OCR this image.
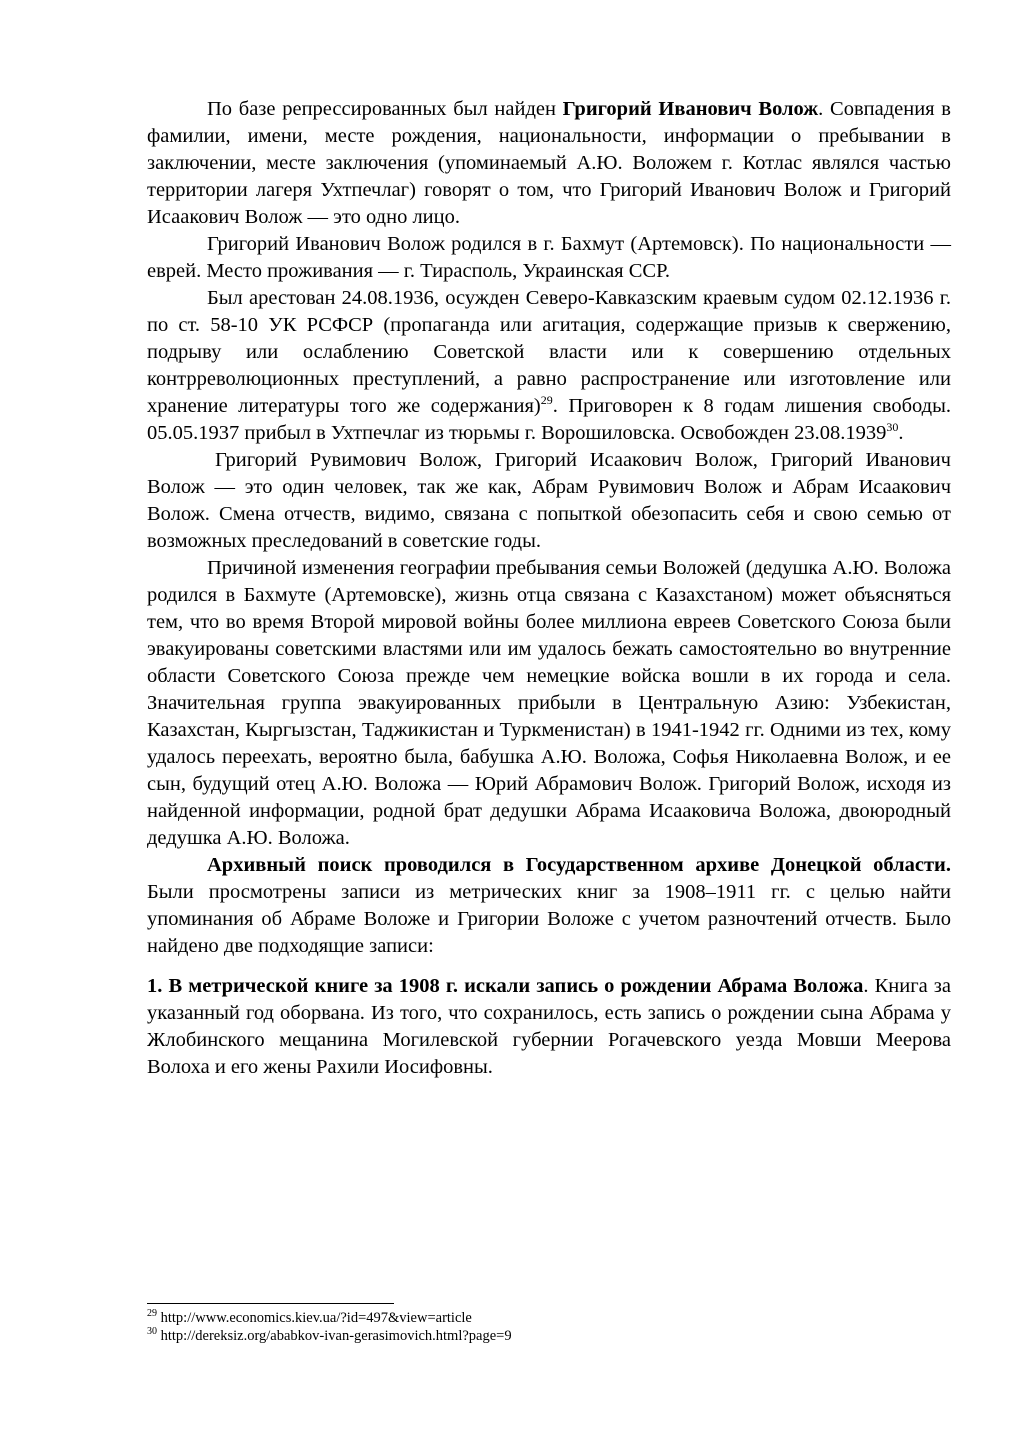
По базе репрессированных был найден Григорий Иванович Волож. Совпадения в фамилии, имени, месте рождения, национальности, информации о пребывании в заключении, месте заключения (упоминаемый А.Ю. Воложем г. Котлас являлся частью территории лагеря Ухтпечлаг) говорят о том, что Григорий Иванович Волож и Григорий Исаакович Волож — это одно лицо.

Григорий Иванович Волож родился в г. Бахмут (Артемовск). По национальности — еврей. Место проживания — г. Тирасполь, Украинская ССР.

Был арестован 24.08.1936, осужден Северо-Кавказским краевым судом 02.12.1936 г. по ст. 58-10 УК РСФСР (пропаганда или агитация, содержащие призыв к свержению, подрыву или ослаблению Советской власти или к совершению отдельных контрреволюционных преступлений, а равно распространение или изготовление или хранение литературы того же содержания)$^{29}$. Приговорен к 8 годам лишения свободы. 05.05.1937 прибыл в Ухтпечлаг из тюрьмы г. Ворошиловска. Освобожден 23.08.1939$^{30}$.

Григорий Рувимович Волож, Григорий Исаакович Волож, Григорий Иванович Волож — это один человек, так же как, Абрам Рувимович Волож и Абрам Исаакович Волож. Смена отчеств, видимо, связана с попыткой обезопасить себя и свою семью от возможных преследований в советские годы.

Причиной изменения географии пребывания семьи Воложей (дедушка А.Ю. Воложа родился в Бахмуте (Артемовске), жизнь отца связана с Казахстаном) может объясняться тем, что во время Второй мировой войны более миллиона евреев Советского Союза были эвакуированы советскими властями или им удалось бежать самостоятельно во внутренние области Советского Союза прежде чем немецкие войска вошли в их города и села. Значительная группа эвакуированных прибыли в Центральную Азию: Узбекистан, Казахстан, Кыргызстан, Таджикистан и Туркменистан) в 1941-1942 гг. Одними из тех, кому удалось переехать, вероятно была, бабушка А.Ю. Воложа, Софья Николаевна Волож, и ее сын, будущий отец А.Ю. Воложа — Юрий Абрамович Волож. Григорий Волож, исходя из найденной информации, родной брат дедушки Абрама Исааковича Воложа, двоюродный дедушка А.Ю. Воложа.

Архивный поиск проводился в Государственном архиве Донецкой области. Были просмотрены записи из метрических книг за 1908–1911 гг. с целью найти упоминания об Абраме Воложе и Григории Воложе с учетом разночтений отчеств. Было найдено две подходящие записи:

1. В метрической книге за 1908 г. искали запись о рождении Абрама Воложа. Книга за указанный год оборвана. Из того, что сохранилось, есть запись о рождении сына Абрама у Жлобинского мещанина Могилевской губернии Рогачевского уезда Мовши Меерова Волоха и его жены Рахили Иосифовны.

$^{29}$ http://www.economics.kiev.ua/?id=497&view=article
$^{30}$ http://dereksiz.org/ababkov-ivan-gerasimovich.html?page=9
